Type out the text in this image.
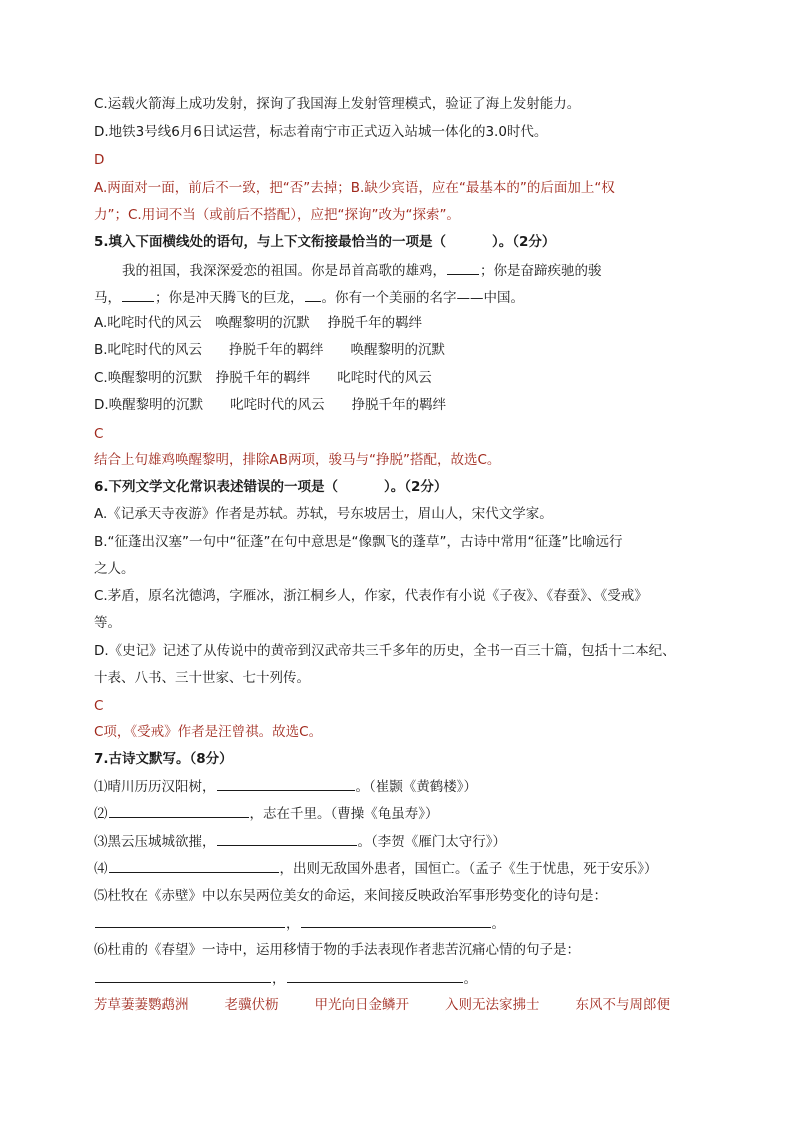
C.运载火箭海上成功发射，探询了我国海上发射管理模式，验证了海上发射能力。
D.地铁3号线6月6日试运营，标志着南宁市正式迈入站城一体化的3.0时代。
D
A.两面对一面，前后不一致，把“否”去掉；B.缺少宾语，应在“最基本的”的后面加上“权
力”；C.用词不当（或前后不搭配），应把“探询”改为“探索”。
5.填入下面横线处的语句，与上下文衔接最恰当的一项是（	）。（2分）
我的祖国，我深深爱恋的祖国。你是昂首高歌的雄鸡，	；你是奋蹄疾驰的骏
马，	；你是冲天腾飞的巨龙， 。你有一个美丽的名字——中国。
A.叱咤时代的风云　唤醒黎明的沉默　 挣脱千年的羁绊
B.叱咤时代的风云　　挣脱千年的羁绊　　唤醒黎明的沉默
C.唤醒黎明的沉默　挣脱千年的羁绊　　叱咤时代的风云
D.唤醒黎明的沉默　　叱咤时代的风云　　挣脱千年的羁绊
C
结合上句雄鸡唤醒黎明，排除AB两项，骏马与“挣脱”搭配，故选C。
6.下列文学文化常识表述错误的一项是（	）。（2分）
A.《记承天寺夜游》作者是苏轼。苏轼，号东坡居士，眉山人，宋代文学家。
B.“征蓬出汉塞”一句中“征蓬”在句中意思是“像飘飞的蓬草”，古诗中常用“征蓬”比喻远行
之人。
C.茅盾，原名沈德鸿，字雁冰，浙江桐乡人，作家，代表作有小说《子夜》、《春蚕》、《受戒》
等。
D.《史记》记述了从传说中的黄帝到汉武帝共三千多年的历史，全书一百三十篇，包括十二本纪、
十表、八书、三十世家、七十列传。
C
C项，《受戒》作者是汪曾祺。故选C。
7.古诗文默写。（8分）
⑴晴川历历汉阳树，	。（崔颢《黄鹤楼》）
⑵	，志在千里。（曹操《龟虽寿》）
⑶黑云压城城欲摧，	。（李贺《雁门太守行》）
⑷	，出则无敌国外患者，国恒亡。（孟子《生于忧患，死于安乐》）
⑸杜牧在《赤壁》中以东吴两位美女的命运，来间接反映政治军事形势变化的诗句是：
，	。
⑹杜甫的《春望》一诗中，运用移情于物的手法表现作者悲苦沉痛心情的句子是：
，	。
芳草萋萋鹦鹉洲	老骥伏枥	甲光向日金鳞开	入则无法家拂士	东风不与周郎便
